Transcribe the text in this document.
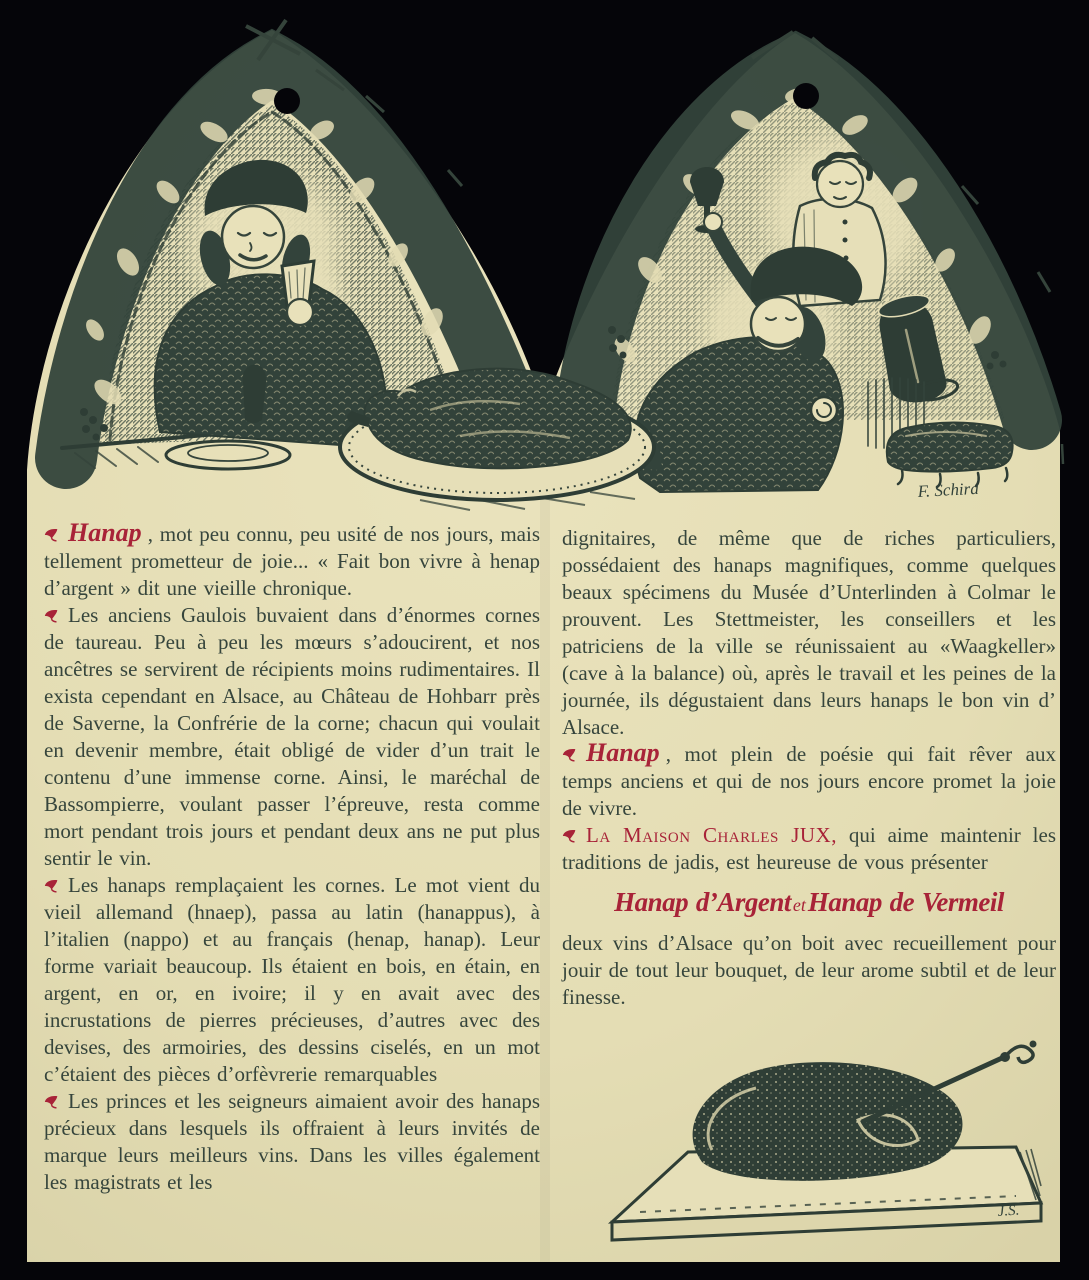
F. Schira
J.S.

Hanap , mot peu connu, peu usité de nos jours, mais tellement prometteur de joie... « Fait bon vivre à henap d’argent » dit une vieille chronique.

Les anciens Gaulois buvaient dans d’énormes cornes de taureau. Peu à peu les mœurs s’adoucirent, et nos ancêtres se servirent de récipients moins rudimentaires. Il exista cependant en Alsace, au Château de Hohbarr près de Saverne, la Confrérie de la corne; chacun qui voulait en devenir membre, était obligé de vider d’un trait le contenu d’une immense corne. Ainsi, le maréchal de Bassompierre, voulant passer l’épreuve, resta comme mort pendant trois jours et pendant deux ans ne put plus sentir le vin.

Les hanaps remplaçaient les cornes. Le mot vient du vieil allemand (hnaep), passa au latin (hanappus), à l’italien (nappo) et au français (henap, hanap). Leur forme variait beaucoup. Ils étaient en bois, en étain, en argent, en or, en ivoire; il y en avait avec des incrustations de pierres précieuses, d’autres avec des devises, des armoiries, des dessins ciselés, en un mot c’étaient des pièces d’orfèvrerie remarquables

Les princes et les seigneurs aimaient avoir des hanaps précieux dans lesquels ils offraient à leurs invités de marque leurs meilleurs vins. Dans les villes également les magistrats et les

dignitaires, de même que de riches particuliers, possédaient des hanaps magnifiques, comme quelques beaux spécimens du Musée d’Unterlinden à Colmar le prouvent. Les Stettmeister, les conseillers et les patriciens de la ville se réunissaient au «Waagkeller» (cave à la balance) où, après le travail et les peines de la journée, ils dégustaient dans leurs hanaps le bon vin d’ Alsace.

Hanap , mot plein de poésie qui fait rêver aux temps anciens et qui de nos jours encore promet la joie de vivre.

La Maison Charles JUX, qui aime maintenir les traditions de jadis, est heureuse de vous présenter

Hanap d’Argent etHanap de Vermeil

deux vins d’Alsace qu’on boit avec recueillement pour jouir de tout leur bouquet, de leur arome subtil et de leur finesse.
